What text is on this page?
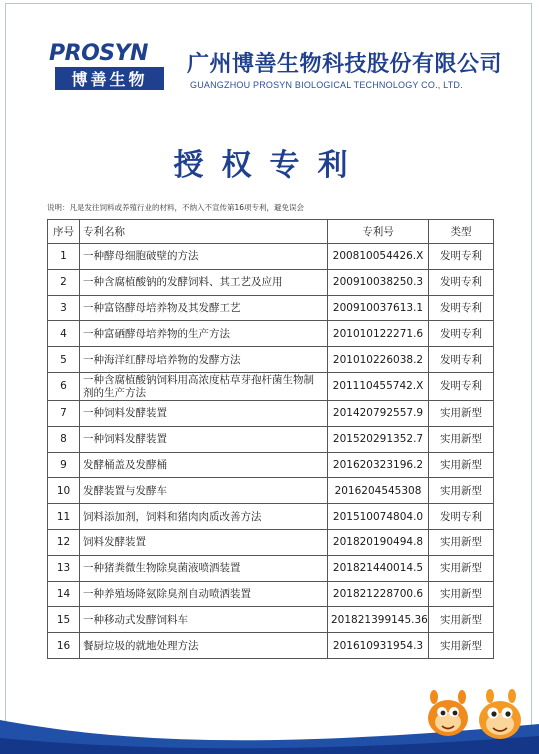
PROSYN
博善生物
广州博善生物科技股份有限公司
GUANGZHOU PROSYN BIOLOGICAL TECHNOLOGY CO., LTD.
授权专利
说明：凡是发往饲料或养殖行业的材料，不纳入不宣传第16项专利，避免误会
序号	专利名称	专利号	类型
1	一种酵母细胞破壁的方法	200810054426.X	发明专利
2	一种含腐植酸钠的发酵饲料、其工艺及应用	200910038250.3	发明专利
3	一种富铬酵母培养物及其发酵工艺	200910037613.1	发明专利
4	一种富硒酵母培养物的生产方法	201010122271.6	发明专利
5	一种海洋红酵母培养物的发酵方法	201010226038.2	发明专利
6	一种含腐植酸钠饲料用高浓度枯草芽孢杆菌生物制剂的生产方法	201110455742.X	发明专利
7	一种饲料发酵装置	201420792557.9	实用新型
8	一种饲料发酵装置	201520291352.7	实用新型
9	发酵桶盖及发酵桶	201620323196.2	实用新型
10	发酵装置与发酵车	2016204545308	实用新型
11	饲料添加剂，饲料和猪肉肉质改善方法	201510074804.0	发明专利
12	饲料发酵装置	201820190494.8	实用新型
13	一种猪粪微生物除臭菌液喷洒装置	201821440014.5	实用新型
14	一种养殖场降氨除臭剂自动喷洒装置	201821228700.6	实用新型
15	一种移动式发酵饲料车	201821399145.36	实用新型
16	餐厨垃圾的就地处理方法	201610931954.3	实用新型
